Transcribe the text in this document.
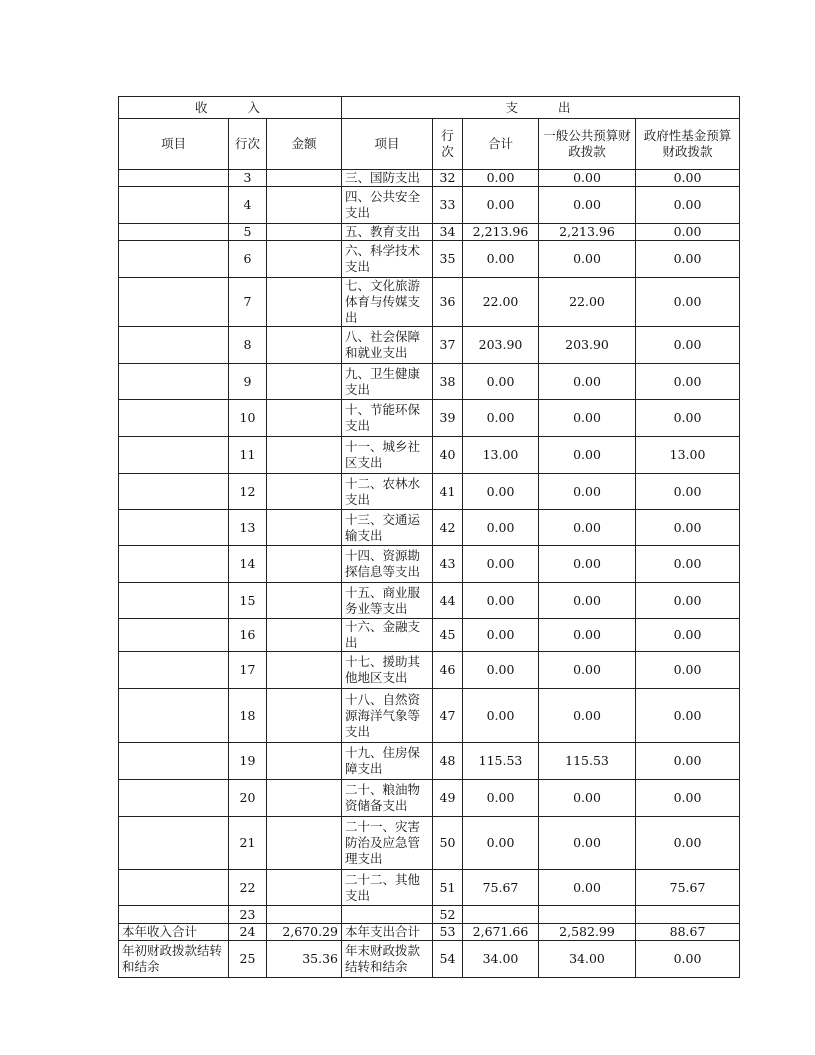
收　　入			支　　出				
项目	行次	金额	项目	行次	合计	一般公共预算财政拨款	政府性基金预算财政拨款
	3		三、国防支出	32	0.00	0.00	0.00
	4		四、公共安全支出	33	0.00	0.00	0.00
	5		五、教育支出	34	2,213.96	2,213.96	0.00
	6		六、科学技术支出	35	0.00	0.00	0.00
	7		七、文化旅游体育与传媒支出	36	22.00	22.00	0.00
	8		八、社会保障和就业支出	37	203.90	203.90	0.00
	9		九、卫生健康支出	38	0.00	0.00	0.00
	10		十、节能环保支出	39	0.00	0.00	0.00
	11		十一、城乡社区支出	40	13.00	0.00	13.00
	12		十二、农林水支出	41	0.00	0.00	0.00
	13		十三、交通运输支出	42	0.00	0.00	0.00
	14		十四、资源勘探信息等支出	43	0.00	0.00	0.00
	15		十五、商业服务业等支出	44	0.00	0.00	0.00
	16		十六、金融支出	45	0.00	0.00	0.00
	17		十七、援助其他地区支出	46	0.00	0.00	0.00
	18		十八、自然资源海洋气象等支出	47	0.00	0.00	0.00
	19		十九、住房保障支出	48	115.53	115.53	0.00
	20		二十、粮油物资储备支出	49	0.00	0.00	0.00
	21		二十一、灾害防治及应急管理支出	50	0.00	0.00	0.00
	22		二十二、其他支出	51	75.67	0.00	75.67
	23			52			
本年收入合计	24	2,670.29	本年支出合计	53	2,671.66	2,582.99	88.67
年初财政拨款结转和结余	25	35.36	年末财政拨款结转和结余	54	34.00	34.00	0.00
